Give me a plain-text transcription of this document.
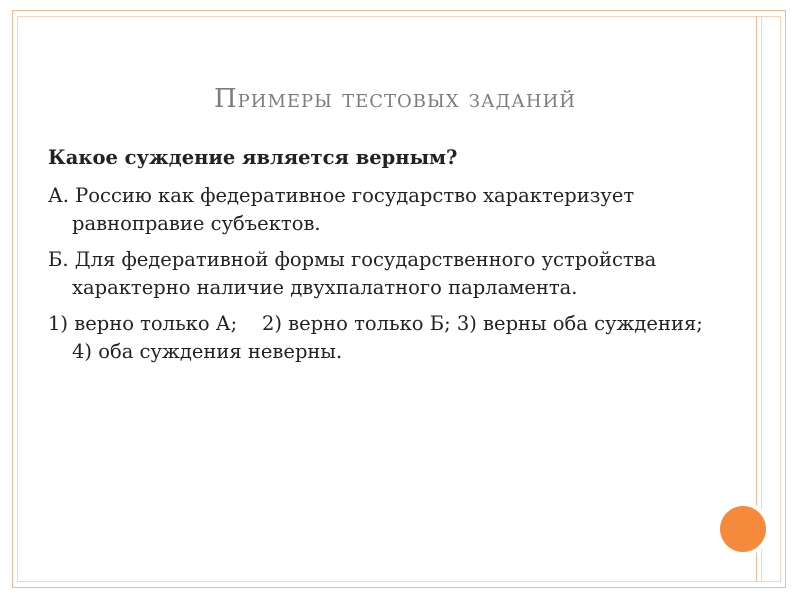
Примеры тестовых заданий

Какое суждение является верным?

А. Россию как федеративное государство характеризует равноправие субъектов.

Б. Для федеративной формы государственного устройства характерно наличие двухпалатного парламента.

1) верно только А;    2) верно только Б; 3) верны оба суждения; 4) оба суждения неверны.
